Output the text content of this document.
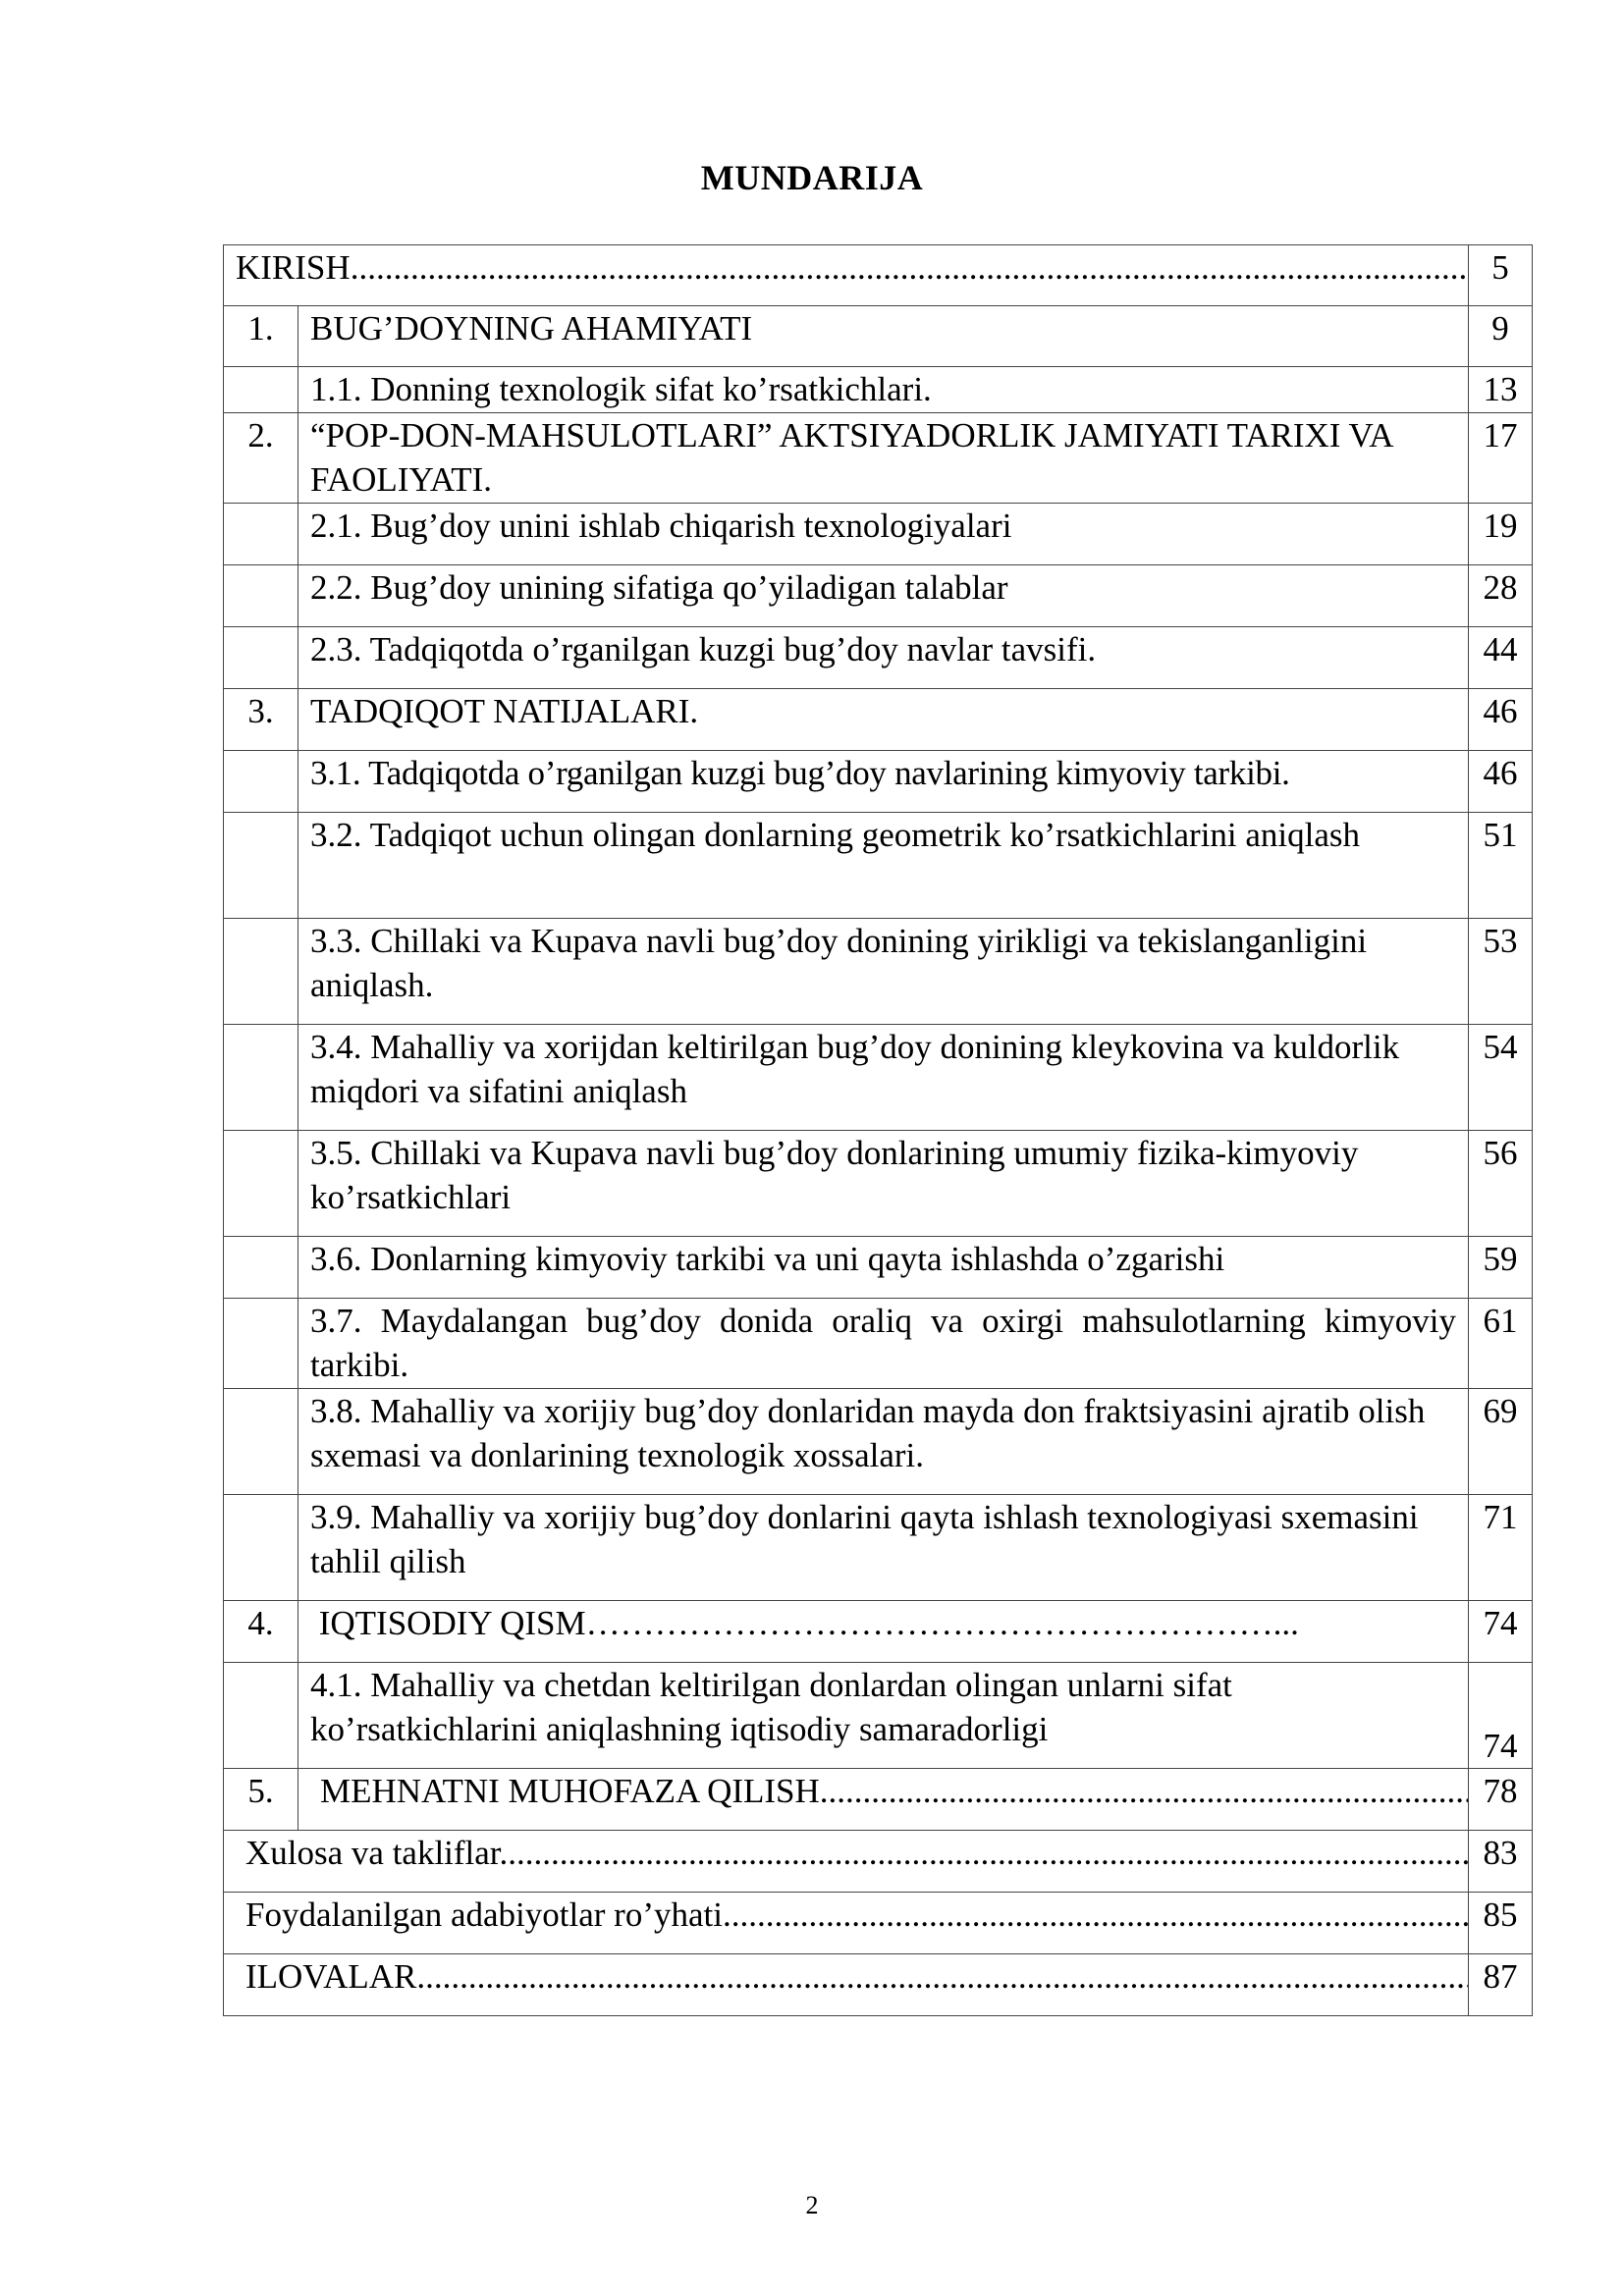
MUNDARIJA
KIRISH .....		5
1.	BUG’DOYNING AHAMIYATI	9
	1.1. Donning texnologik sifat ko’rsatkichlari.	13
2.	“POP-DON-MAHSULOTLARI” AKTSIYADORLIK JAMIYATI TARIXI VA FAOLIYATI.	17
	2.1. Bug’doy unini ishlab chiqarish texnologiyalari	19
	2.2. Bug’doy unining sifatiga qo’yiladigan talablar	28
	2.3. Tadqiqotda o’rganilgan kuzgi bug’doy navlar tavsifi.	44
3.	TADQIQOT NATIJALARI.	46
	3.1. Tadqiqotda o’rganilgan kuzgi bug’doy navlarining kimyoviy tarkibi.	46
	3.2. Tadqiqot uchun olingan donlarning geometrik ko’rsatkichlarini aniqlash	51
	3.3. Chillaki va Kupava navli bug’doy donining yirikligi va tekislanganligini aniqlash.	53
	3.4. Mahalliy va xorijdan keltirilgan bug’doy donining kleykovina va kuldorlik miqdori va sifatini aniqlash	54
	3.5. Chillaki va Kupava navli bug’doy donlarining umumiy fizika-kimyoviy ko’rsatkichlari	56
	3.6. Donlarning kimyoviy tarkibi va uni qayta ishlashda o’zgarishi	59
	3.7. Maydalangan bug’doy donida oraliq va oxirgi mahsulotlarning kimyoviy tarkibi.	61
	3.8. Mahalliy va xorijiy bug’doy donlaridan mayda don fraktsiyasini ajratib olish sxemasi va donlarining texnologik xossalari.	69
	3.9. Mahalliy va xorijiy bug’doy donlarini qayta ishlash texnologiyasi sxemasini tahlil qilish	71
4.	IQTISODIY QISM……………………………………………………...	74
	4.1. Mahalliy va chetdan keltirilgan donlardan olingan unlarni sifat ko’rsatkichlarini aniqlashning iqtisodiy samaradorligi	74
5.	MEHNATNI MUHOFAZA QILISH .....	78
Xulosa va takliflar .....		83
Foydalanilgan adabiyotlar ro’yhati .....		85
ILOVALAR .....		87
2
